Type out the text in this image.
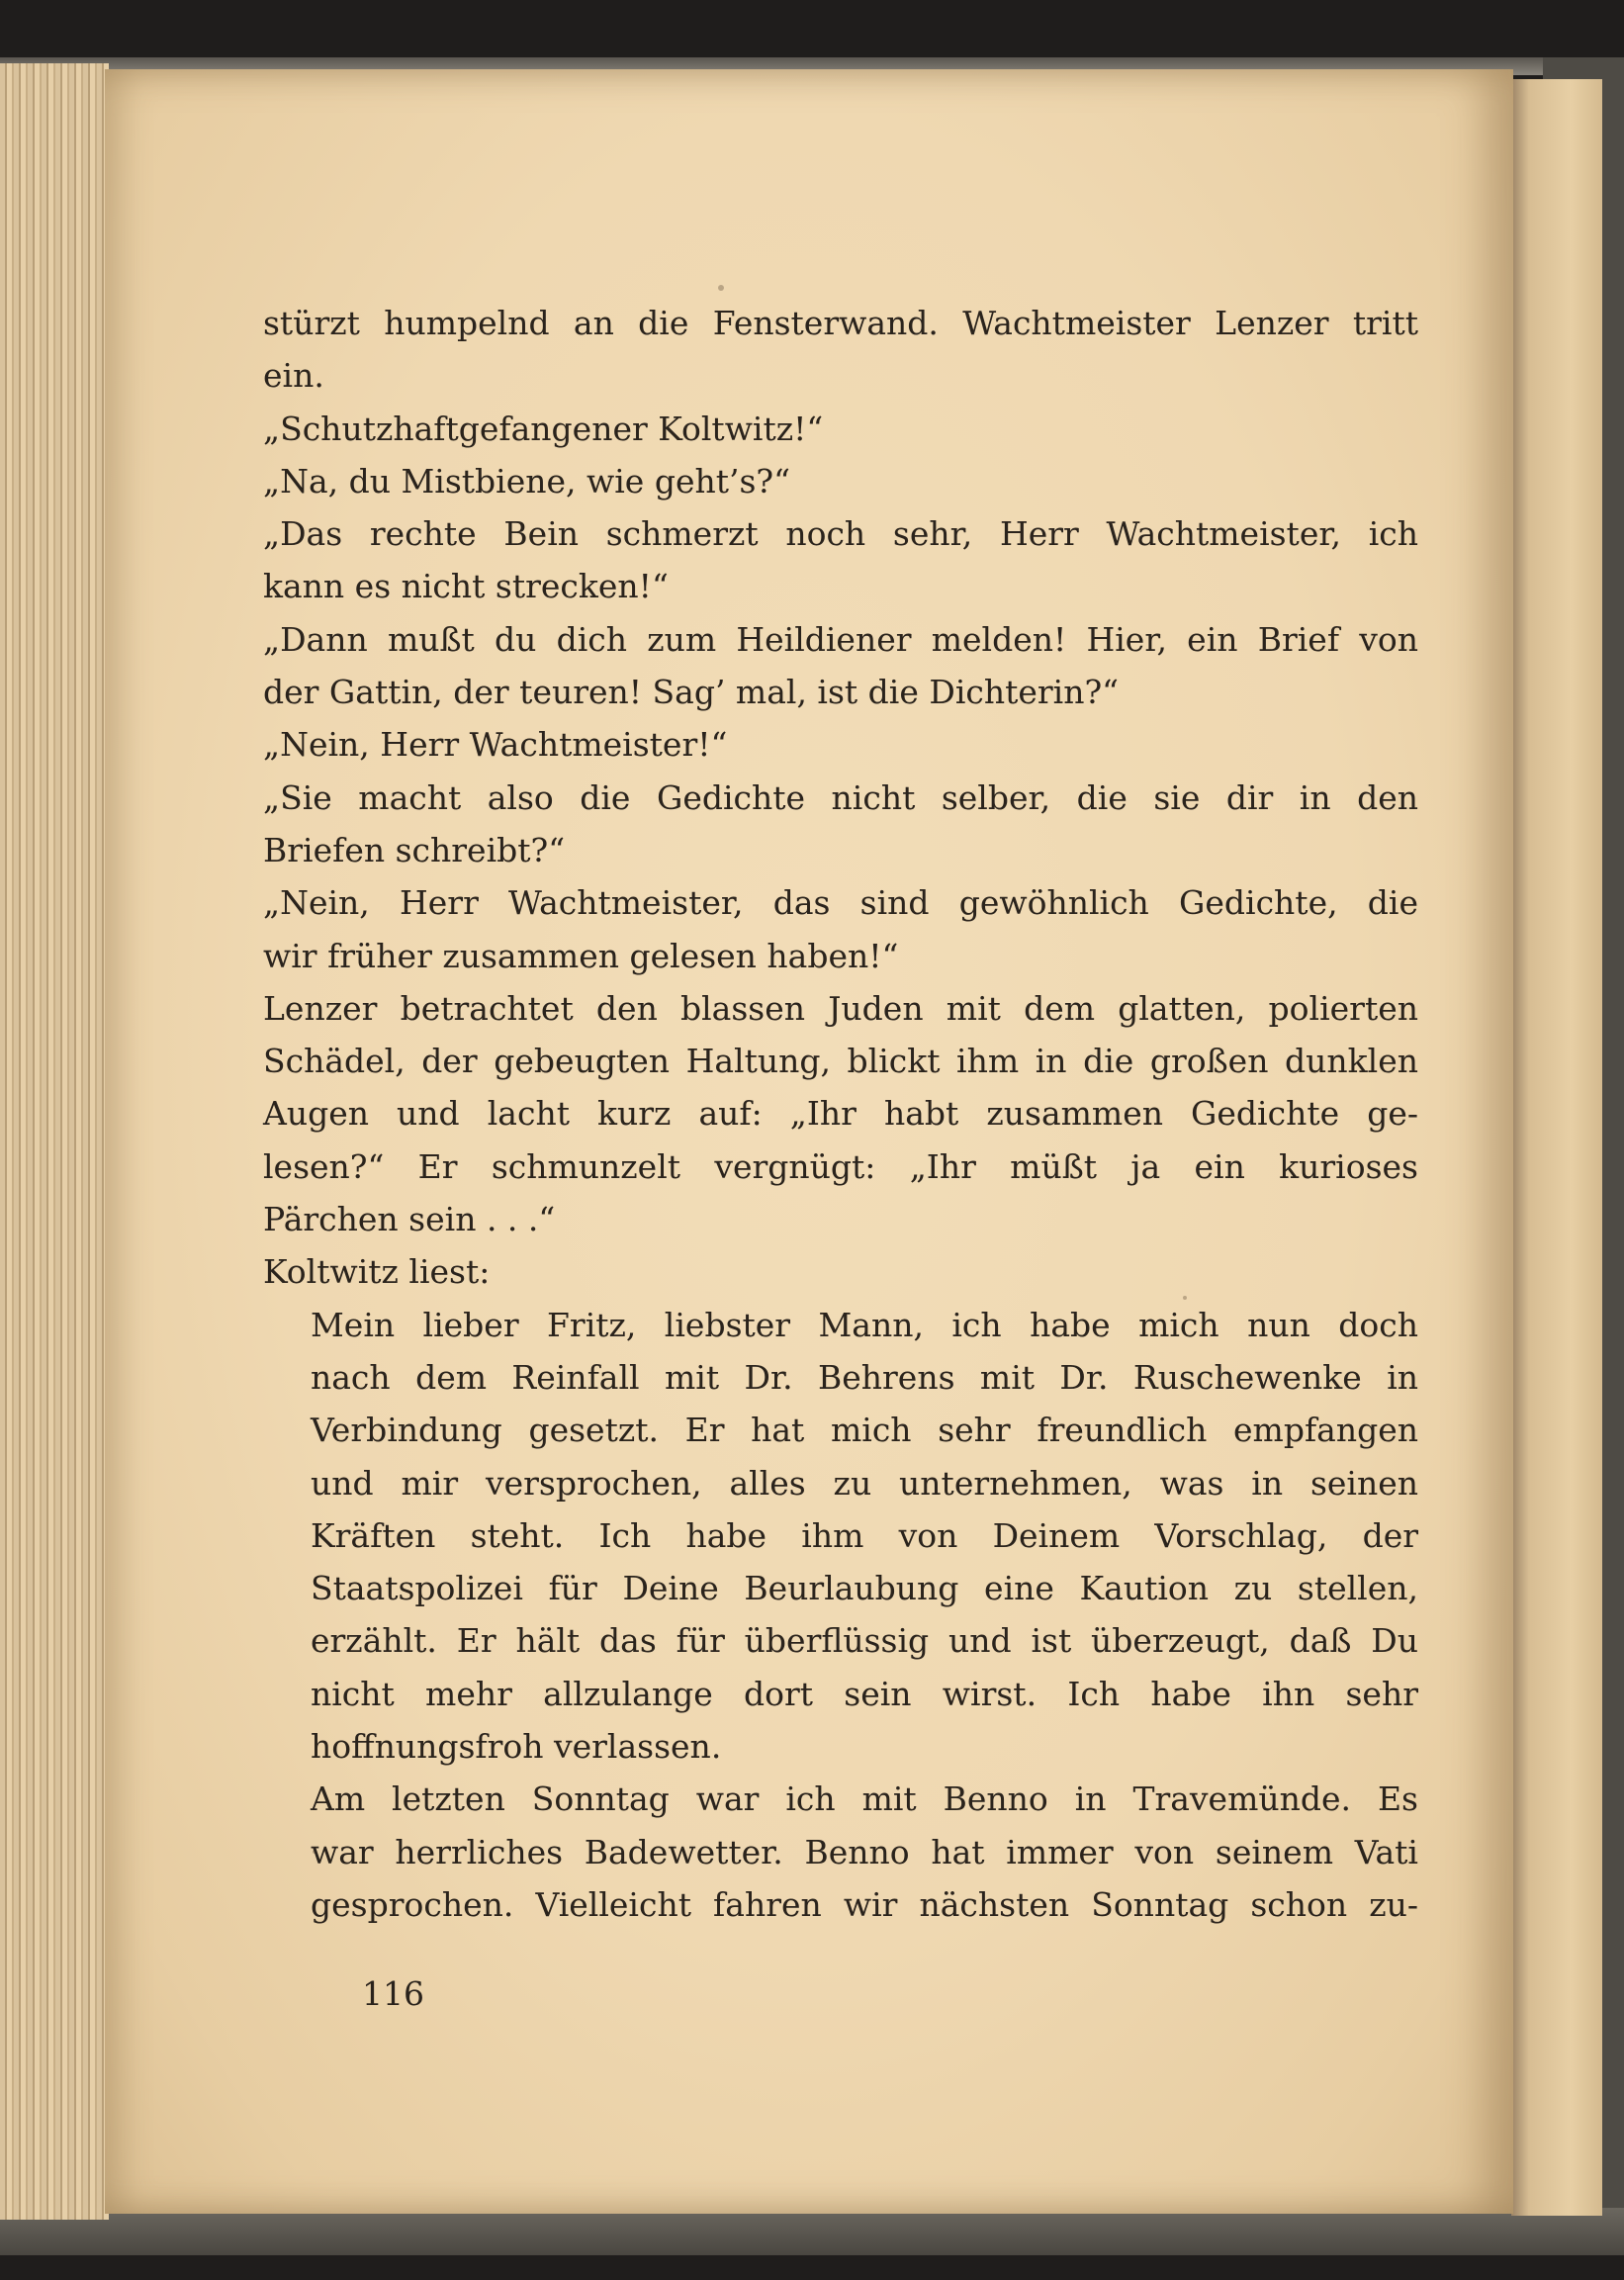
stürzt humpelnd an die Fensterwand. Wachtmeister Lenzer tritt
ein.
„Schutzhaftgefangener Koltwitz!“
„Na, du Mistbiene, wie geht’s?“
„Das rechte Bein schmerzt noch sehr, Herr Wachtmeister, ich
kann es nicht strecken!“
„Dann mußt du dich zum Heildiener melden! Hier, ein Brief von
der Gattin, der teuren! Sag’ mal, ist die Dichterin?“
„Nein, Herr Wachtmeister!“
„Sie macht also die Gedichte nicht selber, die sie dir in den
Briefen schreibt?“
„Nein, Herr Wachtmeister, das sind gewöhnlich Gedichte, die
wir früher zusammen gelesen haben!“
Lenzer betrachtet den blassen Juden mit dem glatten, polierten
Schädel, der gebeugten Haltung, blickt ihm in die großen dunklen
Augen und lacht kurz auf: „Ihr habt zusammen Gedichte ge-
lesen?“ Er schmunzelt vergnügt: „Ihr müßt ja ein kurioses
Pärchen sein . . .“
Koltwitz liest:
Mein lieber Fritz, liebster Mann, ich habe mich nun doch
nach dem Reinfall mit Dr. Behrens mit Dr. Ruschewenke in
Verbindung gesetzt. Er hat mich sehr freundlich empfangen
und mir versprochen, alles zu unternehmen, was in seinen
Kräften steht. Ich habe ihm von Deinem Vorschlag, der
Staatspolizei für Deine Beurlaubung eine Kaution zu stellen,
erzählt. Er hält das für überflüssig und ist überzeugt, daß Du
nicht mehr allzulange dort sein wirst. Ich habe ihn sehr
hoffnungsfroh verlassen.
Am letzten Sonntag war ich mit Benno in Travemünde. Es
war herrliches Badewetter. Benno hat immer von seinem Vati
gesprochen. Vielleicht fahren wir nächsten Sonntag schon zu-
116
